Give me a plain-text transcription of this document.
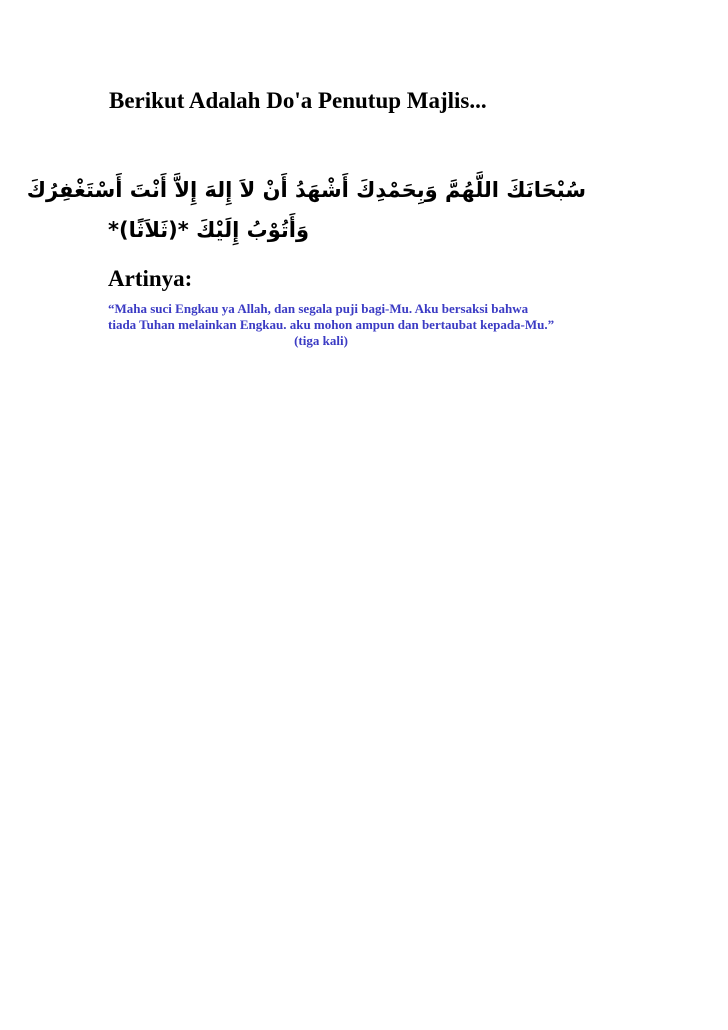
Berikut Adalah Do'a Penutup Majlis...
سُبْحَانَكَ اللَّهُمَّ وَبِحَمْدِكَ أَشْهَدُ أَنْ لاَ إِلهَ إِلاَّ أَنْتَ أَسْتَغْفِرُكَ
وَأَتُوْبُ إِلَيْكَ *(ثَلاَثًا)*
Artinya:
“Maha suci Engkau ya Allah, dan segala puji bagi-Mu. Aku bersaksi bahwa
tiada Tuhan melainkan Engkau. aku mohon ampun dan bertaubat kepada-Mu.”
(tiga kali)
